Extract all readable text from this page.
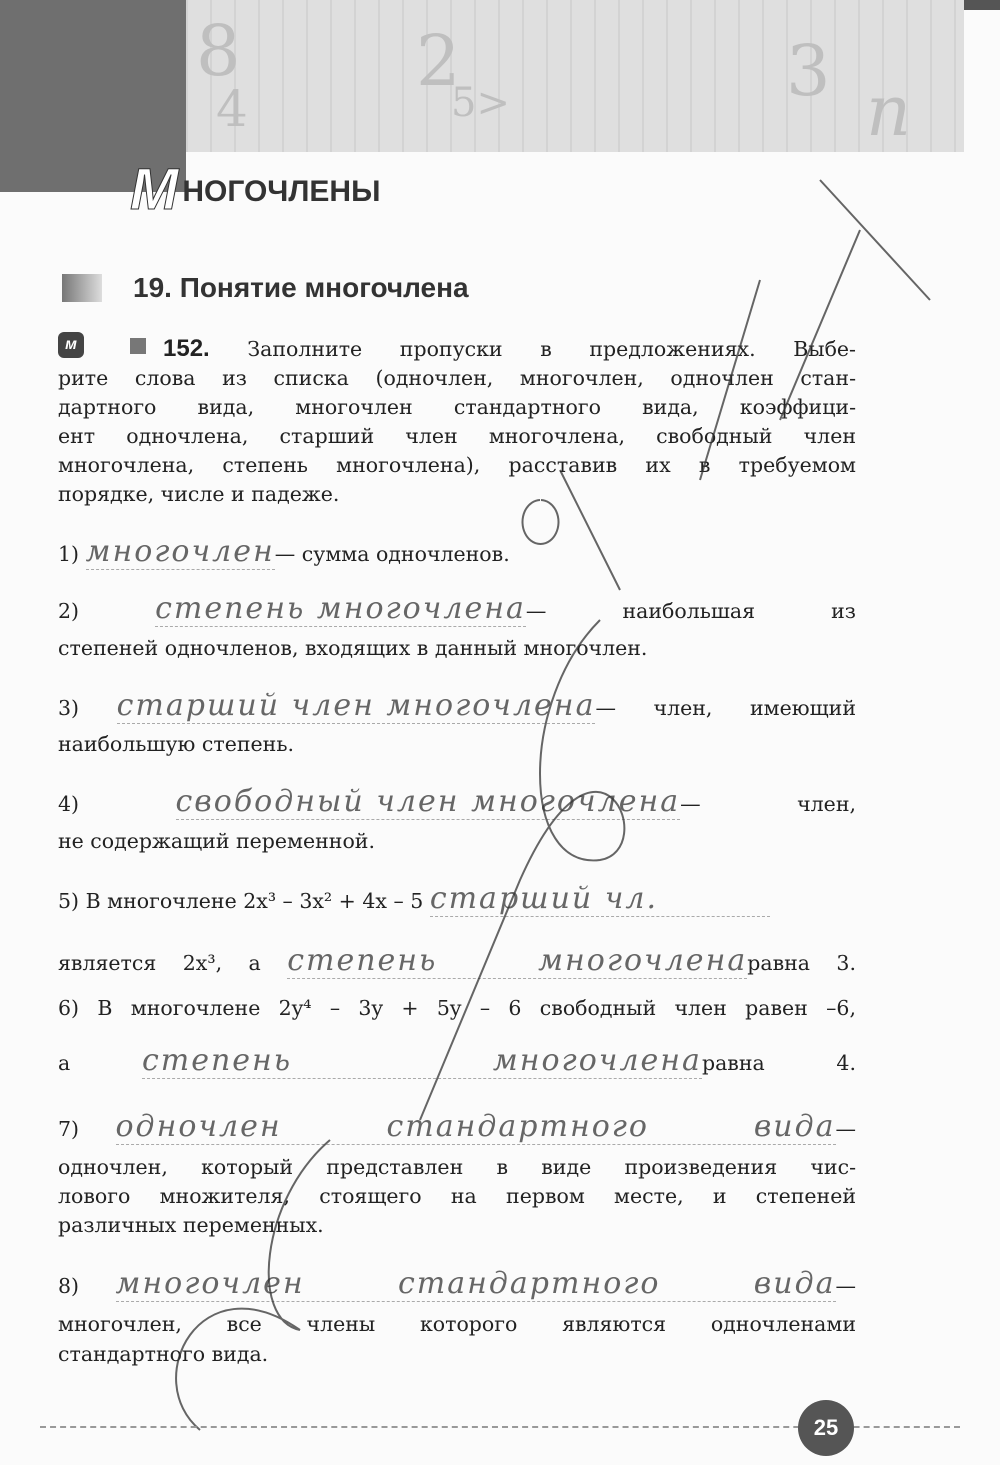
8	2	3
5>
4	n
МНОГОЧЛЕНЫ
19. Понятие многочлена
м	152. Заполните пропуски в предложениях. Выбе-
рите слова из списка (одночлен, многочлен, одночлен стан-
дартного вида, многочлен стандартного вида, коэффици-
ент одночлена, старший член многочлена, свободный член
многочлена, степень многочлена), расставив их в требуемом
порядке, числе и падеже.
1) многочлен— сумма одночленов.
2)	степень многочлена— наибольшая из
степеней одночленов, входящих в данный многочлен.
3) старший член многочлена— член, имеющий
наибольшую степень.
4)	свободный член многочлена— член,
не содержащий переменной.
5) В многочлене 2x³ – 3x² + 4x – 5 старший чл.
является 2x³, а степень многочленаравна 3.
6) В многочлене 2y⁴ – 3y + 5y – 6 свободный член равен –6,
а степень многочленаравна 4.
7) одночлен стандартного вида—
одночлен, который представлен в виде произведения чис-
лового множителя, стоящего на первом месте, и степеней
различных переменных.
8) многочлен стандартного вида—
многочлен, все члены которого являются одночленами
стандартного вида.
25
